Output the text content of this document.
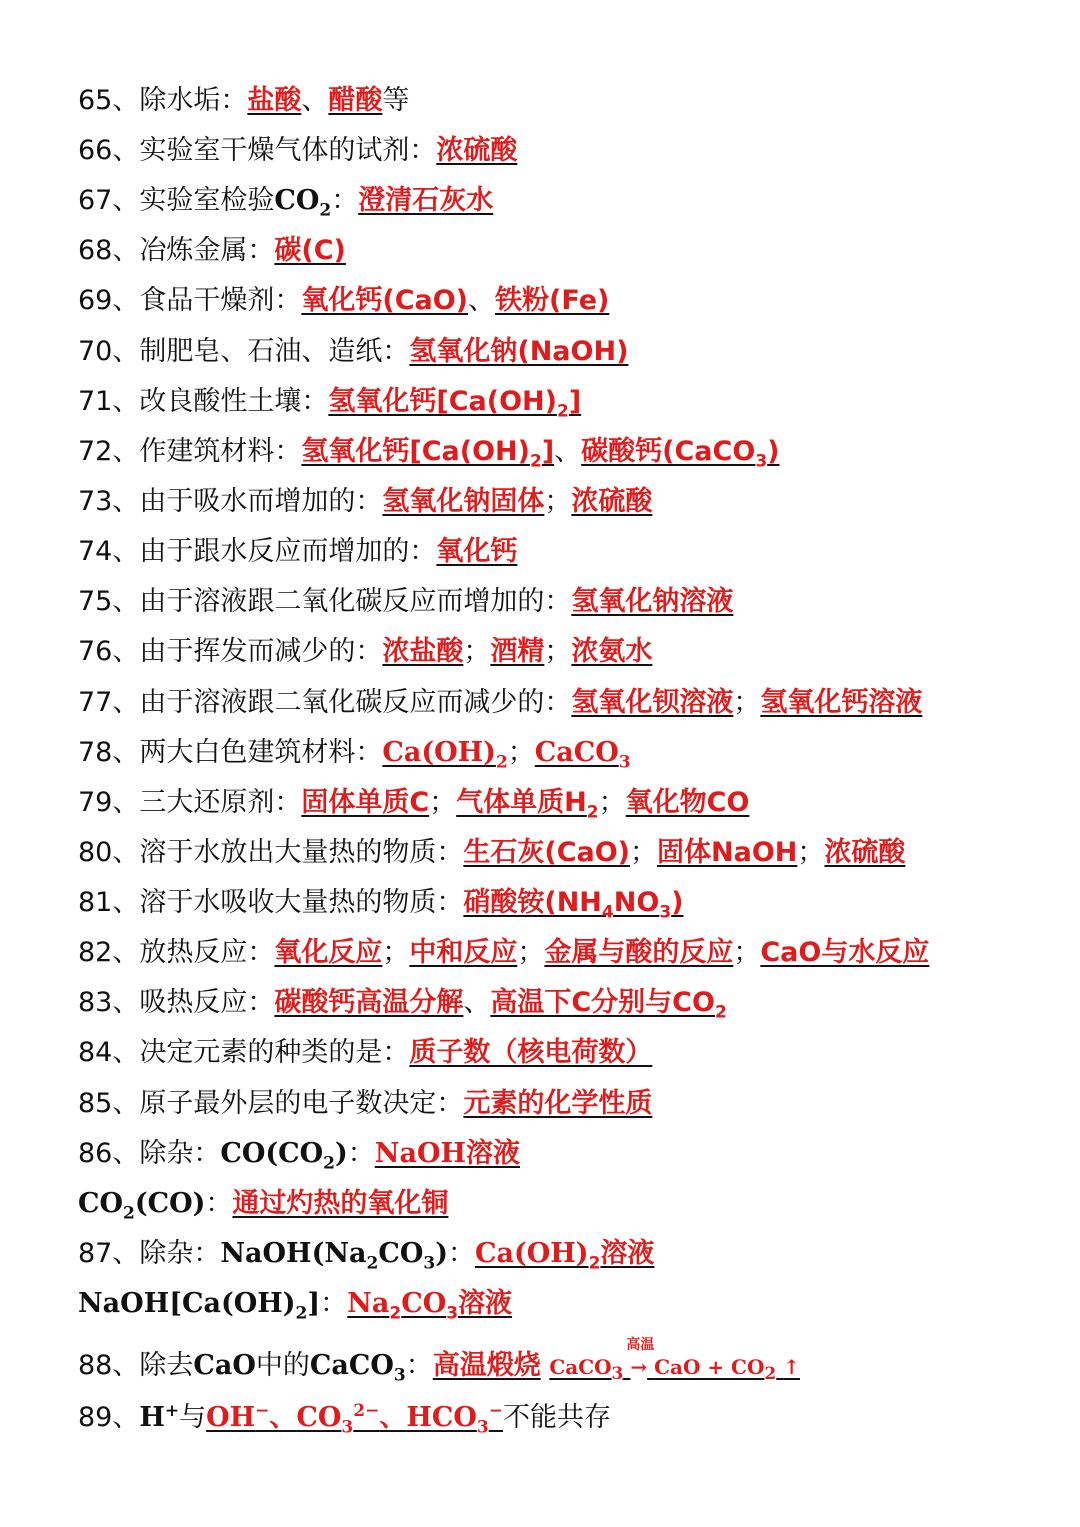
65、除水垢：盐酸、醋酸等
66、实验室干燥气体的试剂：浓硫酸
67、实验室检验$CO_2$：澄清石灰水
68、冶炼金属：碳(C)
69、食品干燥剂：氧化钙(CaO)、铁粉(Fe)
70、制肥皂、石油、造纸：氢氧化钠(NaOH)
71、改良酸性土壤：氢氧化钙$[Ca(OH)_2]$
72、作建筑材料：氢氧化钙$[Ca(OH)_2]$、碳酸钙(CaCO$_3$)
73、由于吸水而增加的：氢氧化钠固体；浓硫酸
74、由于跟水反应而增加的：氧化钙
75、由于溶液跟二氧化碳反应而增加的：氢氧化钠溶液
76、由于挥发而减少的：浓盐酸；酒精；浓氨水
77、由于溶液跟二氧化碳反应而减少的：氢氧化钡溶液；氢氧化钙溶液
78、两大白色建筑材料：$Ca(OH)_2$；CaCO$_3$
79、三大还原剂：固体单质C；气体单质$H_2$；氧化物CO
80、溶于水放出大量热的物质：生石灰(CaO)；固体NaOH；浓硫酸
81、溶于水吸收大量热的物质：硝酸铵$(NH_4NO_3)$
82、放热反应：氧化反应；中和反应；金属与酸的反应；CaO与水反应
83、吸热反应：碳酸钙高温分解、高温下C分别与$CO_2$
84、决定元素的种类的是：质子数（核电荷数）
85、原子最外层的电子数决定：元素的化学性质
86、除杂：$CO(CO_2)$：NaOH溶液
$CO_2(CO)$：通过灼热的氧化铜
87、除杂：$NaOH(Na_2CO_3)$：$Ca(OH)_2$溶液
$NaOH[Ca(OH)_2]$：$Na_2CO_3$溶液
88、除去CaO中的CaCO$_3$：高温煅烧 CaCO$_3$
高温
→ CaO + $CO_2$ ↑
89、H+与OH−、$CO_3^{2-}$、$HCO_3^-$不能共存
